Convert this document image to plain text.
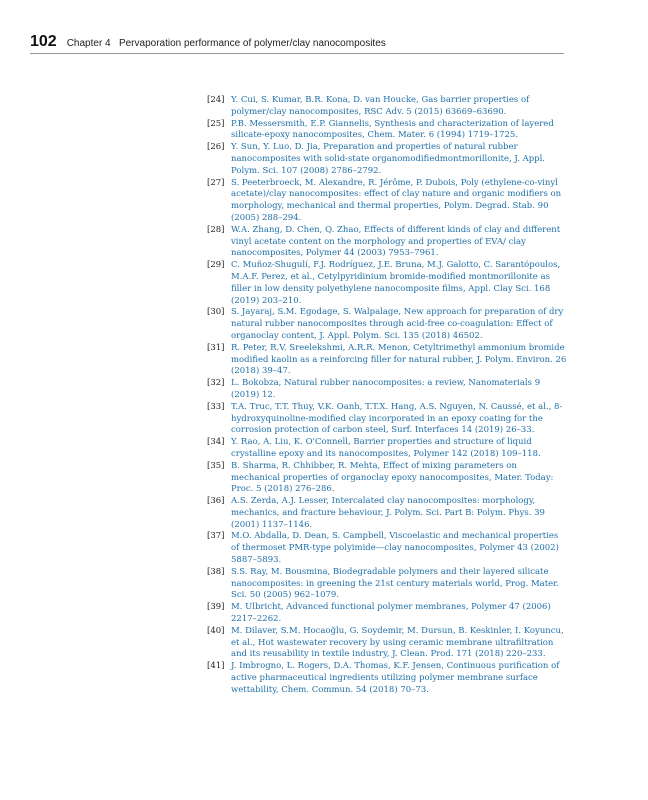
102 Chapter 4   Pervaporation performance of polymer/clay nanocomposites
[24] Y. Cui, S. Kumar, B.R. Kona, D. van Houcke, Gas barrier properties of polymer/clay nanocomposites, RSC Adv. 5 (2015) 63669–63690.
[25] P.B. Messersmith, E.P. Giannelis, Synthesis and characterization of layered silicate-epoxy nanocomposites, Chem. Mater. 6 (1994) 1719–1725.
[26] Y. Sun, Y. Luo, D. Jia, Preparation and properties of natural rubber nanocomposites with solid-state organomodifiedmontmorillonite, J. Appl. Polym. Sci. 107 (2008) 2786–2792.
[27] S. Peeterbroeck, M. Alexandre, R. Jérôme, P. Dubois, Poly (ethylene-co-vinyl acetate)/clay nanocomposites: effect of clay nature and organic modifiers on morphology, mechanical and thermal properties, Polym. Degrad. Stab. 90 (2005) 288–294.
[28] W.A. Zhang, D. Chen, Q. Zhao, Effects of different kinds of clay and different vinyl acetate content on the morphology and properties of EVA/ clay nanocomposites, Polymer 44 (2003) 7953–7961.
[29] C. Muñoz-Shugulí, F.J. Rodríguez, J.E. Bruna, M.J. Galotto, C. Sarantópoulos, M.A.F. Perez, et al., Cetylpyridinium bromide-modified montmorillonite as filler in low density polyethylene nanocomposite films, Appl. Clay Sci. 168 (2019) 203–210.
[30] S. Jayaraj, S.M. Egodage, S. Walpalage, New approach for preparation of dry natural rubber nanocomposites through acid-free co-coagulation: Effect of organoclay content, J. Appl. Polym. Sci. 135 (2018) 46502.
[31] R. Peter, R.V. Sreelekshmi, A.R.R. Menon, Cetyltrimethyl ammonium bromide modified kaolin as a reinforcing filler for natural rubber, J. Polym. Environ. 26 (2018) 39–47.
[32] L. Bokobza, Natural rubber nanocomposites: a review, Nanomaterials 9 (2019) 12.
[33] T.A. Truc, T.T. Thuy, V.K. Oanh, T.T.X. Hang, A.S. Nguyen, N. Caussé, et al., 8-hydroxyquinoline-modified clay incorporated in an epoxy coating for the corrosion protection of carbon steel, Surf. Interfaces 14 (2019) 26–33.
[34] Y. Rao, A. Liu, K. O'Connell, Barrier properties and structure of liquid crystalline epoxy and its nanocomposites, Polymer 142 (2018) 109–118.
[35] B. Sharma, R. Chhibber, R. Mehta, Effect of mixing parameters on mechanical properties of organoclay epoxy nanocomposites, Mater. Today: Proc. 5 (2018) 276–286.
[36] A.S. Zerda, A.J. Lesser, Intercalated clay nanocomposites: morphology, mechanics, and fracture behaviour, J. Polym. Sci. Part B: Polym. Phys. 39 (2001) 1137–1146.
[37] M.O. Abdalla, D. Dean, S. Campbell, Viscoelastic and mechanical properties of thermoset PMR-type polyimide—clay nanocomposites, Polymer 43 (2002) 5887–5893.
[38] S.S. Ray, M. Bousmina, Biodegradable polymers and their layered silicate nanocomposites: in greening the 21st century materials world, Prog. Mater. Sci. 50 (2005) 962–1079.
[39] M. Ulbricht, Advanced functional polymer membranes, Polymer 47 (2006) 2217–2262.
[40] M. Dilaver, S.M. Hocaoğlu, G. Soydemir, M. Dursun, B. Keskinler, I. Koyuncu, et al., Hot wastewater recovery by using ceramic membrane ultrafiltration and its reusability in textile industry, J. Clean. Prod. 171 (2018) 220–233.
[41] J. Imbrogno, L. Rogers, D.A. Thomas, K.F. Jensen, Continuous purification of active pharmaceutical ingredients utilizing polymer membrane surface wettability, Chem. Commun. 54 (2018) 70–73.
